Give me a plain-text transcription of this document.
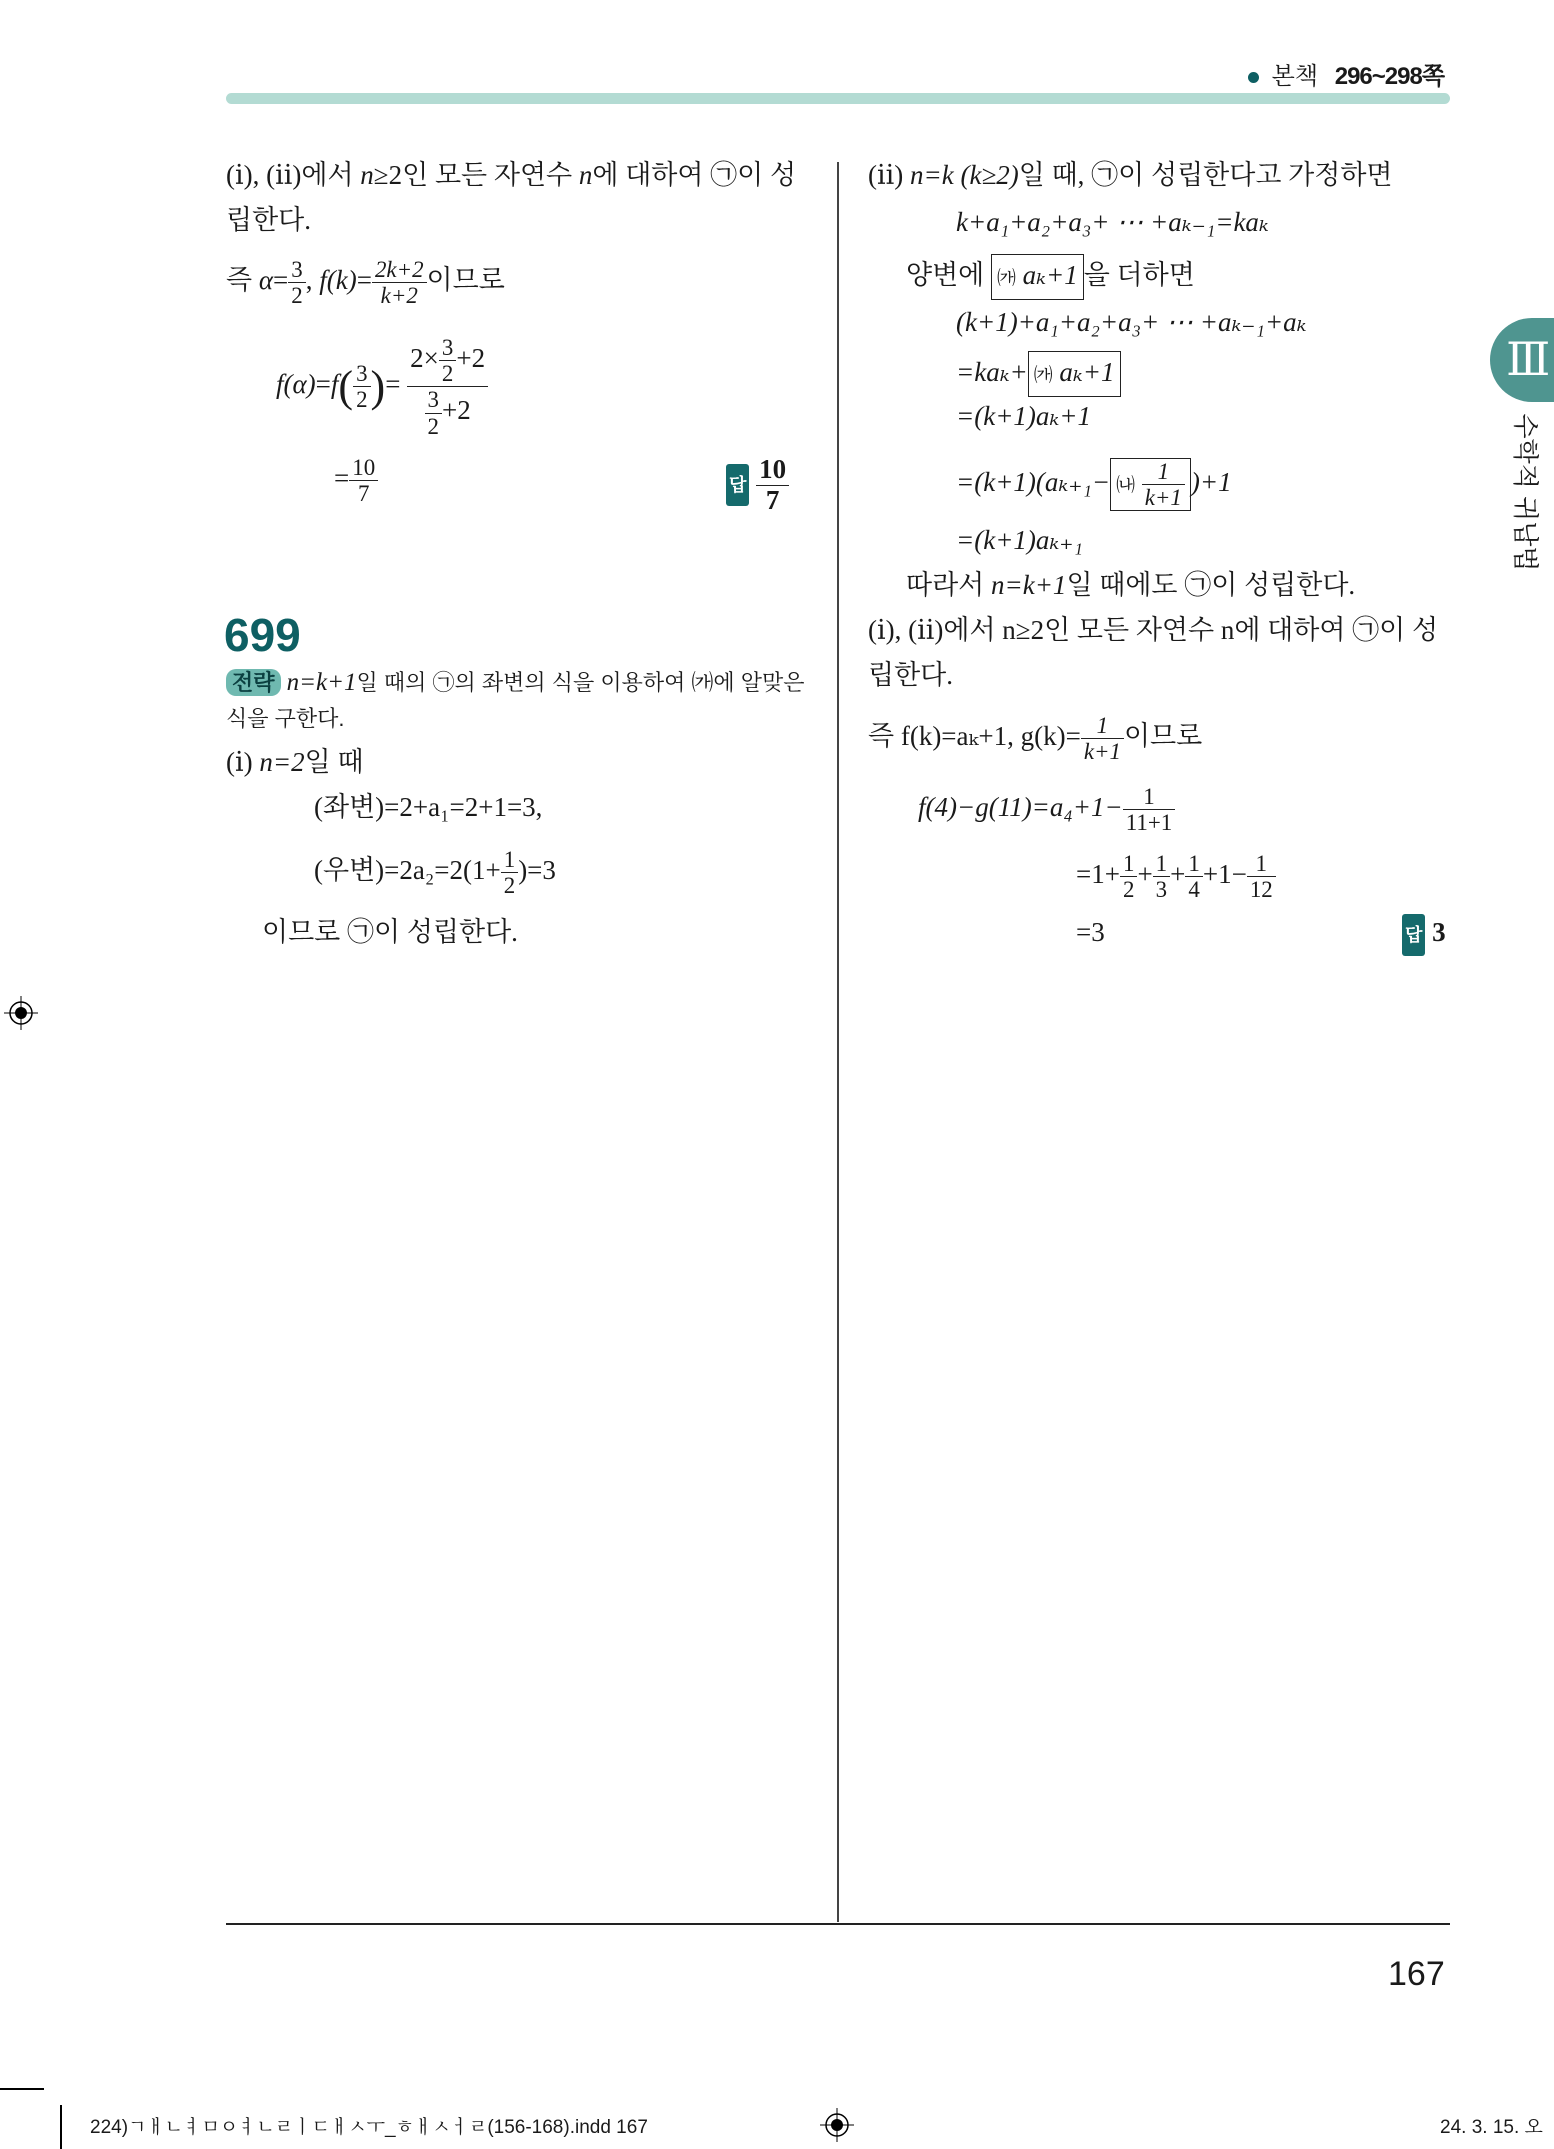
본책 296~298쪽
Ⅲ
수학적 귀납법
(ⅰ), (ⅱ)에서 n≥2인 모든 자연수 n에 대하여 ㉠이 성
립한다.
즉 $\alpha= \frac{3}{2}$ , $f(k)= \frac{2k+2}{k+2}$ 이므로
$f(\alpha)=f( \frac{3}{2}$ )= $\frac{2\times \frac{3}{2} +2}{\frac{3}{2} +2}$
= $\frac{10}{7}$	답 $\frac{10}{7}$
699
전략 n=k+1일 때의 ㉠의 좌변의 식을 이용하여 ㈎에 알맞은
식을 구한다.
(ⅰ) n=2일 때
(좌변)=2+a₁=2+1=3,
(우변)$=2a_2=2(1+ \frac{1}{2} )=3$
이므로 ㉠이 성립한다.
(ⅱ) n=k (k≥2)일 때, ㉠이 성립한다고 가정하면
k+a₁+a₂+a₃+ ⋯ +aₖ₋₁=kaₖ
양변에 ㈎ aₖ+1 을 더하면
(k+1)+a₁+a₂+a₃+ ⋯ +aₖ₋₁+aₖ
=kaₖ+ ㈎ aₖ+1
=(k+1)aₖ+1
=(k+1)(aₖ₊₁− ㈏ $\frac{1}{k+1} )+1$
=(k+1)aₖ₊₁
따라서 n=k+1일 때에도 ㉠이 성립한다.
(ⅰ), (ⅱ)에서 n≥2인 모든 자연수 n에 대하여 ㉠이 성
립한다.
즉 f(k)=aₖ+1, $g(k)= \frac{1}{k+1}$ 이므로
$f(4)-g(11)=a_4+1- \frac{1}{11+1}$
$=1+ \frac{1}{2} + \frac{1}{3} + \frac{1}{4} +1- \frac{1}{12}$
=3	답 3
167
224)ㄱㅐㄴㅕㅁㅇㅕㄴㄹㅣㄷㅐㅅㅜ_ㅎㅐㅅㅓㄹ(156-168).indd 167	24. 3. 15. 오
